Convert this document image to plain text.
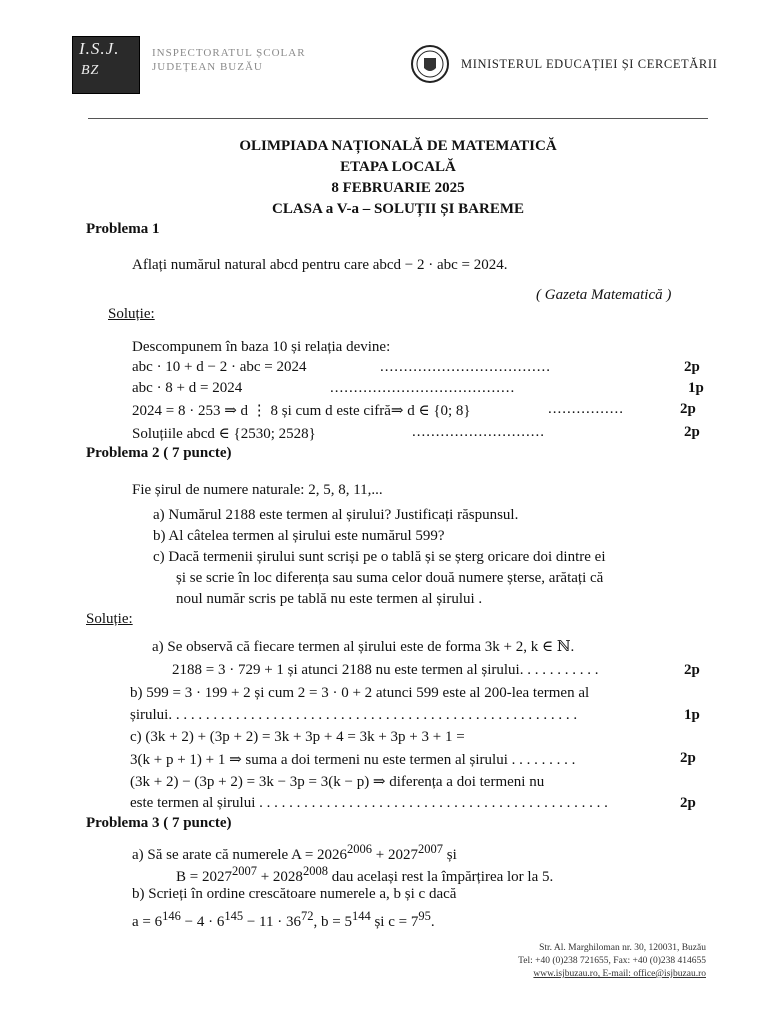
I.S.J.
BZ
INSPECTORATUL ȘCOLAR
JUDEȚEAN BUZĂU	MINISTERUL EDUCAȚIEI ȘI CERCETĂRII
OLIMPIADA NAȚIONALĂ DE MATEMATICĂ
ETAPA LOCALĂ
8 FEBRUARIE 2025
CLASA a V-a – SOLUȚII ȘI BAREME
Problema 1
Aflați numărul natural abcd pentru care abcd − 2 · abc = 2024.
( Gazeta Matematică )
Soluție:
Descompunem în baza 10 și relația devine:
abc · 10 + d − 2 · abc = 2024	....................................	2p
abc · 8 + d = 2024	.......................................	1p
2024 = 8 · 253 ⇒ d ⋮ 8 și cum d este cifră⇒ d ∈ {0; 8}	................	2p
Soluțiile abcd ∈ {2530; 2528}	............................	2p
Problema 2 ( 7 puncte)
Fie șirul de numere naturale: 2, 5, 8, 11,...
a) Numărul 2188 este termen al șirului? Justificați răspunsul.
b) Al câtelea termen al șirului este numărul 599?
c) Dacă termenii șirului sunt scriși pe o tablă și se șterg oricare doi dintre ei
și se scrie în loc diferența sau suma celor două numere șterse, arătați că
noul număr scris pe tablă nu este termen al șirului .
Soluție:
a) Se observă că fiecare termen al șirului este de forma 3k + 2, k ∈ ℕ.
2188 = 3 · 729 + 1 și atunci 2188 nu este termen al șirului. . . . . . . . . . .	2p
b) 599 = 3 · 199 + 2 și cum 2 = 3 · 0 + 2 atunci 599 este al 200-lea termen al
șirului. . . . . . . . . . . . . . . . . . . . . . . . . . . . . . . . . . . . . . . . . . . . . . . . . . . . . . .	1p
c) (3k + 2) + (3p + 2) = 3k + 3p + 4 = 3k + 3p + 3 + 1 =
3(k + p + 1) + 1 ⇒ suma a doi termeni nu este termen al șirului . . . . . . . . .	2p
(3k + 2) − (3p + 2) = 3k − 3p = 3(k − p) ⇒ diferența a doi termeni nu
este termen al șirului . . . . . . . . . . . . . . . . . . . . . . . . . . . . . . . . . . . . . . . . . . . . . . .	2p
Problema 3 ( 7 puncte)
a) Să se arate că numerele $A = 2026^{2006} + 2027^{2007}$ și
$B = 2027^{2007} + 2028^{2008}$ dau același rest la împărțirea lor la 5.
b) Scrieți în ordine crescătoare numerele a, b și c dacă
$a = 6^{146} - 4 \cdot 6^{145} - 11 \cdot 36^{72}$, $b = 5^{144}$ și $c = 7^{95}$.
Str. Al. Marghiloman nr. 30, 120031, Buzău
Tel: +40 (0)238 721655, Fax: +40 (0)238 414655
www.isjbuzau.ro, E-mail: office@isjbuzau.ro
